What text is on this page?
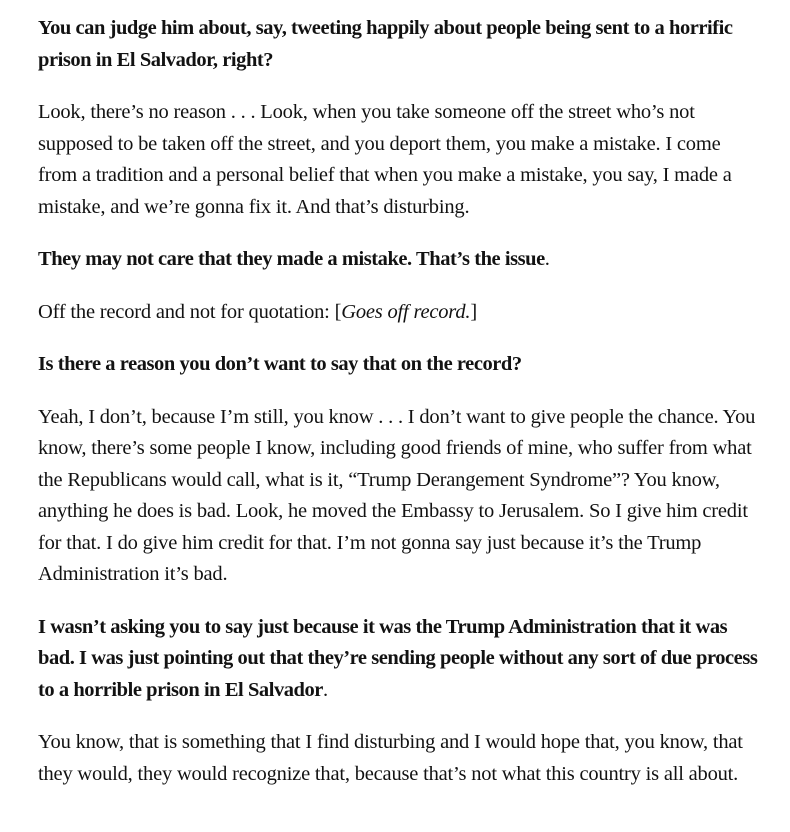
You can judge him about, say, tweeting happily about people being sent to a horrific prison in El Salvador, right?

Look, there’s no reason . . . Look, when you take someone off the street who’s not supposed to be taken off the street, and you deport them, you make a mistake. I come from a tradition and a personal belief that when you make a mistake, you say, I made a mistake, and we’re gonna fix it. And that’s disturbing.

They may not care that they made a mistake. That’s the issue.

Off the record and not for quotation: [Goes off record.]

Is there a reason you don’t want to say that on the record?

Yeah, I don’t, because I’m still, you know . . . I don’t want to give people the chance. You know, there’s some people I know, including good friends of mine, who suffer from what the Republicans would call, what is it, “Trump Derangement Syndrome”? You know, anything he does is bad. Look, he moved the Embassy to Jerusalem. So I give him credit for that. I do give him credit for that. I’m not gonna say just because it’s the Trump Administration it’s bad.

I wasn’t asking you to say just because it was the Trump Administration that it was bad. I was just pointing out that they’re sending people without any sort of due process to a horrible prison in El Salvador.

You know, that is something that I find disturbing and I would hope that, you know, that they would, they would recognize that, because that’s not what this country is all about.
